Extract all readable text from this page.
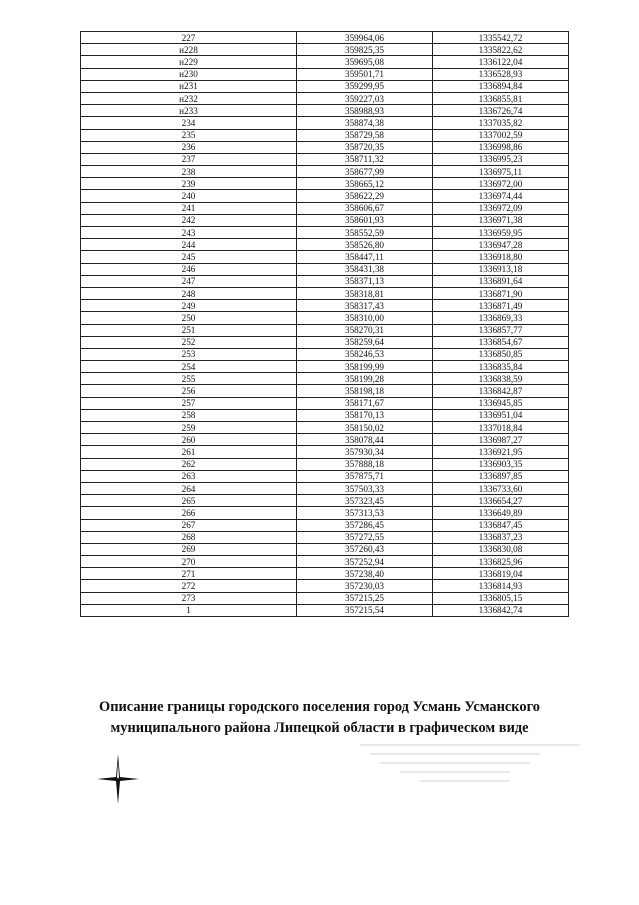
227	359964,06	1335542,72
н228	359825,35	1335822,62
н229	359695,08	1336122,04
н230	359501,71	1336528,93
н231	359299,95	1336894,84
н232	359227,03	1336855,81
н233	358988,93	1336726,74
234	358874,38	1337035,82
235	358729,58	1337002,59
236	358720,35	1336998,86
237	358711,32	1336995,23
238	358677,99	1336975,11
239	358665,12	1336972,00
240	358622,29	1336974,44
241	358606,67	1336972,09
242	358601,93	1336971,38
243	358552,59	1336959,95
244	358526,80	1336947,28
245	358447,11	1336918,80
246	358431,38	1336913,18
247	358371,13	1336891,64
248	358318,81	1336871,90
249	358317,43	1336871,49
250	358310,00	1336869,33
251	358270,31	1336857,77
252	358259,64	1336854,67
253	358246,53	1336850,85
254	358199,99	1336835,84
255	358199,28	1336838,59
256	358198,18	1336842,87
257	358171,67	1336945,85
258	358170,13	1336951,04
259	358150,02	1337018,84
260	358078,44	1336987,27
261	357930,34	1336921,95
262	357888,18	1336903,35
263	357875,71	1336897,85
264	357503,33	1336733,60
265	357323,45	1336654,27
266	357313,53	1336649,89
267	357286,45	1336847,45
268	357272,55	1336837,23
269	357260,43	1336830,08
270	357252,94	1336825,96
271	357238,40	1336819,04
272	357230,03	1336814,93
273	357215,25	1336805,15
1	357215,54	1336842,74
Описание границы городского поселения город Усмань Усманского
муниципального района Липецкой области в графическом виде
